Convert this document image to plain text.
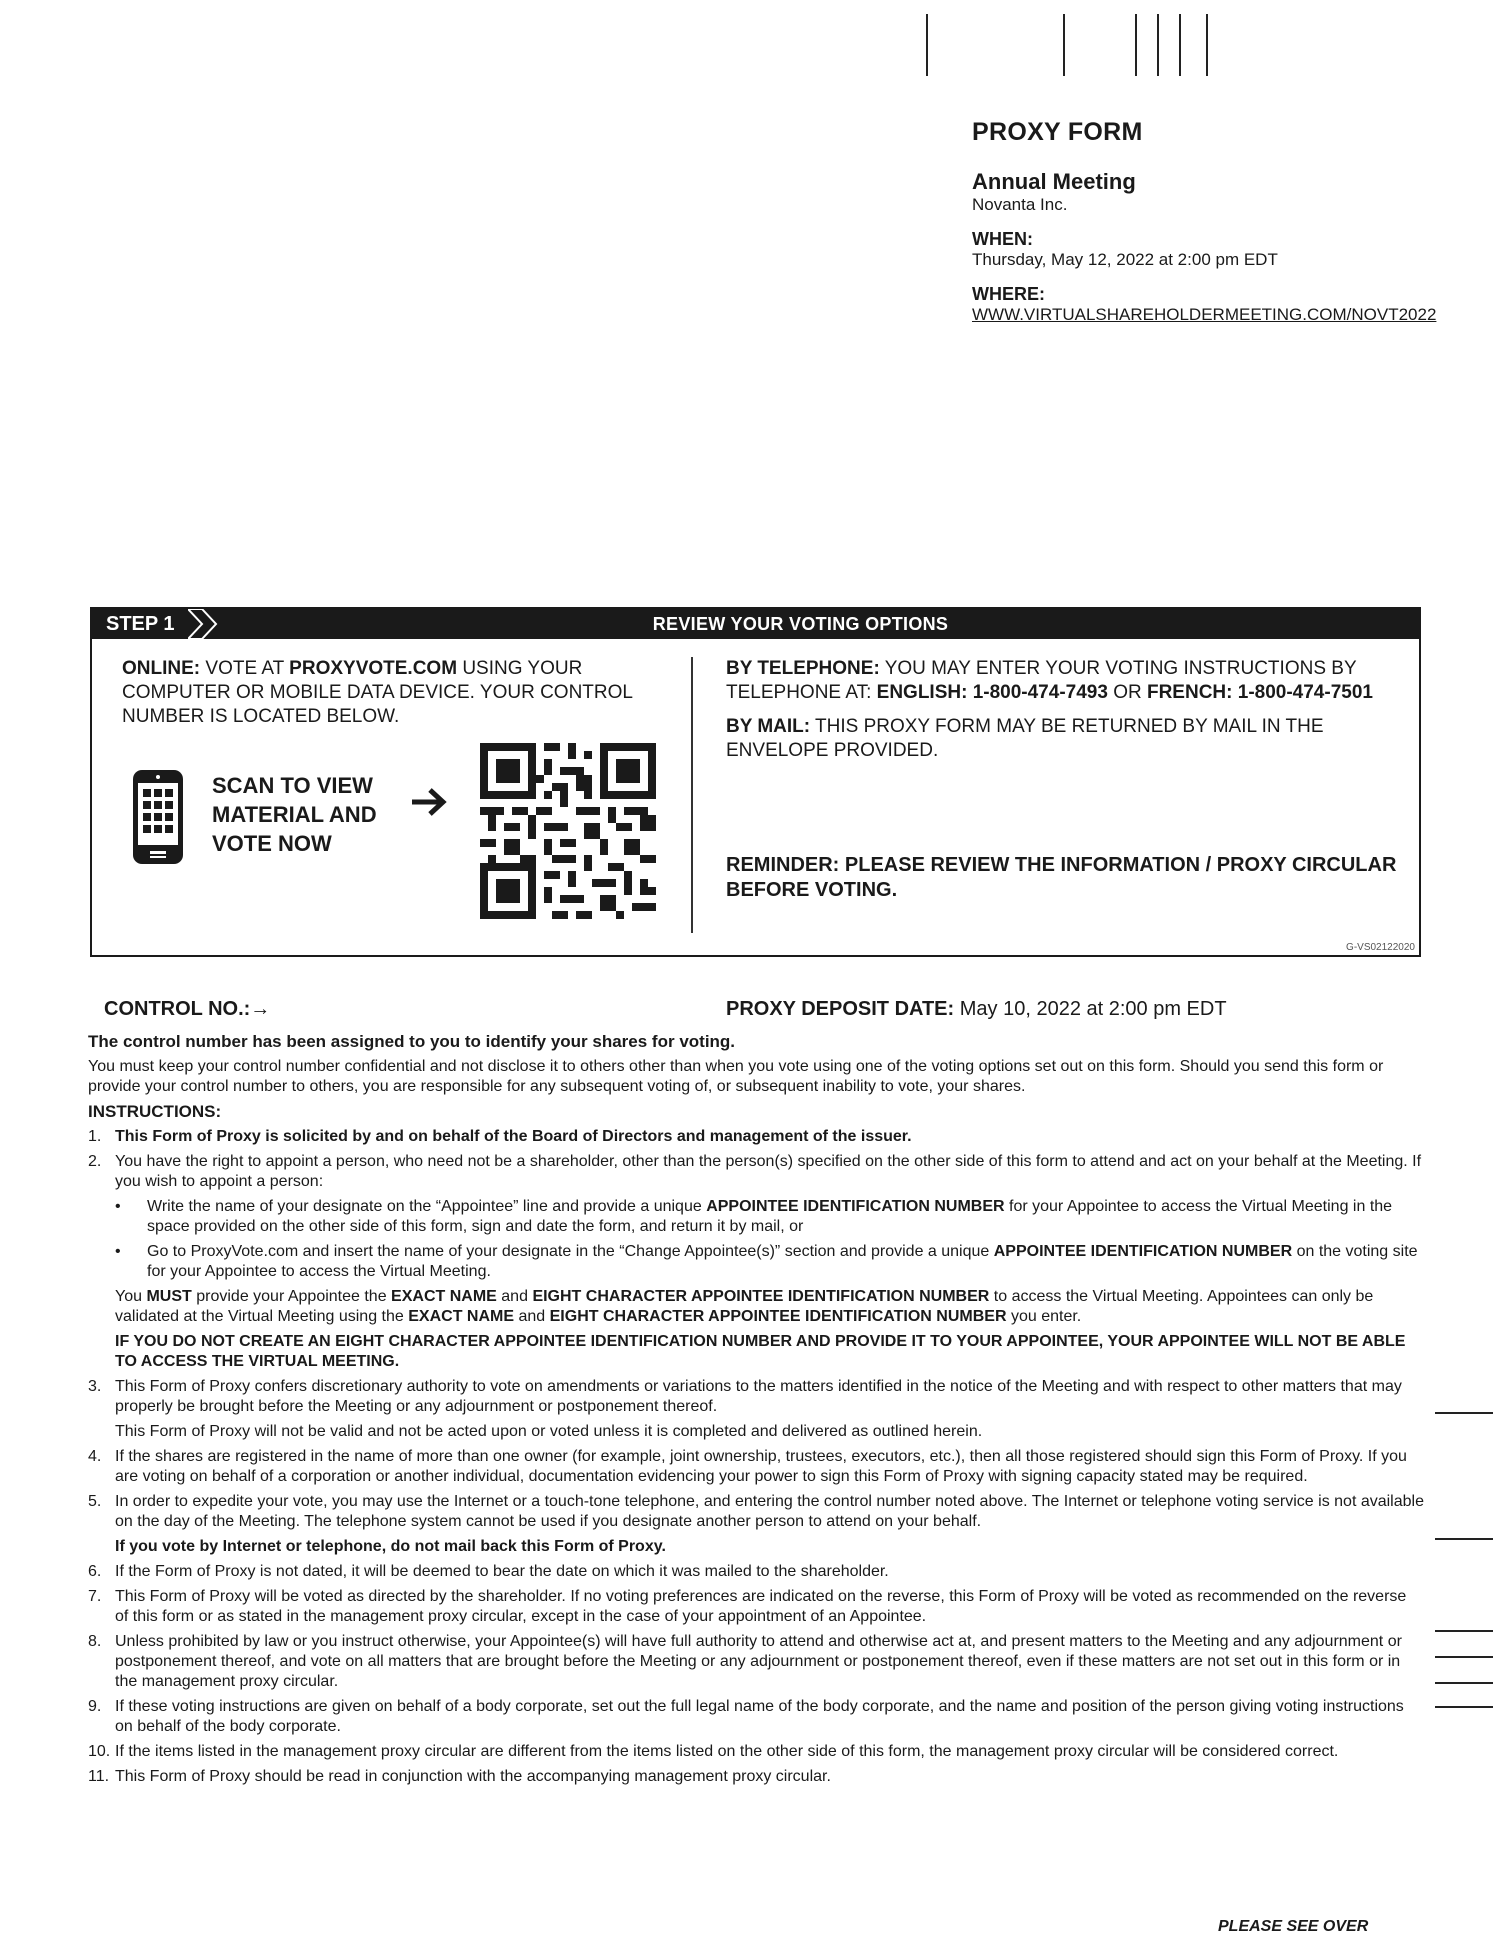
PROXY FORM
Annual Meeting
Novanta Inc.
WHEN:
Thursday, May 12, 2022 at 2:00 pm EDT
WHERE:
WWW.VIRTUALSHAREHOLDERMEETING.COM/NOVT2022
REVIEW YOUR VOTING OPTIONS
STEP 1
ONLINE: VOTE AT PROXYVOTE.COM USING YOUR COMPUTER OR MOBILE DATA DEVICE. YOUR CONTROL NUMBER IS LOCATED BELOW.
SCAN TO VIEW
MATERIAL AND
VOTE NOW
BY TELEPHONE: YOU MAY ENTER YOUR VOTING INSTRUCTIONS BY TELEPHONE AT: ENGLISH: 1-800-474-7493 OR FRENCH: 1-800-474-7501
BY MAIL: THIS PROXY FORM MAY BE RETURNED BY MAIL IN THE ENVELOPE PROVIDED.
REMINDER: PLEASE REVIEW THE INFORMATION / PROXY CIRCULAR BEFORE VOTING.
G-VS02122020
CONTROL NO.:→	PROXY DEPOSIT DATE: May 10, 2022 at 2:00 pm EDT

The control number has been assigned to you to identify your shares for voting.

You must keep your control number confidential and not disclose it to others other than when you vote using one of the voting options set out on this form. Should you send this form or provide your control number to others, you are responsible for any subsequent voting of, or subsequent inability to vote, your shares.

INSTRUCTIONS:

1. This Form of Proxy is solicited by and on behalf of the Board of Directors and management of the issuer.
2. You have the right to appoint a person, who need not be a shareholder, other than the person(s) specified on the other side of this form to attend and act on your behalf at the Meeting. If you wish to appoint a person:
• Write the name of your designate on the “Appointee” line and provide a unique APPOINTEE IDENTIFICATION NUMBER for your Appointee to access the Virtual Meeting in the space provided on the other side of this form, sign and date the form, and return it by mail, or
• Go to ProxyVote.com and insert the name of your designate in the “Change Appointee(s)” section and provide a unique APPOINTEE IDENTIFICATION NUMBER on the voting site for your Appointee to access the Virtual Meeting.
You MUST provide your Appointee the EXACT NAME and EIGHT CHARACTER APPOINTEE IDENTIFICATION NUMBER to access the Virtual Meeting. Appointees can only be validated at the Virtual Meeting using the EXACT NAME and EIGHT CHARACTER APPOINTEE IDENTIFICATION NUMBER you enter.
IF YOU DO NOT CREATE AN EIGHT CHARACTER APPOINTEE IDENTIFICATION NUMBER AND PROVIDE IT TO YOUR APPOINTEE, YOUR APPOINTEE WILL NOT BE ABLE TO ACCESS THE VIRTUAL MEETING.
3. This Form of Proxy confers discretionary authority to vote on amendments or variations to the matters identified in the notice of the Meeting and with respect to other matters that may properly be brought before the Meeting or any adjournment or postponement thereof.
This Form of Proxy will not be valid and not be acted upon or voted unless it is completed and delivered as outlined herein.
4. If the shares are registered in the name of more than one owner (for example, joint ownership, trustees, executors, etc.), then all those registered should sign this Form of Proxy. If you are voting on behalf of a corporation or another individual, documentation evidencing your power to sign this Form of Proxy with signing capacity stated may be required.
5. In order to expedite your vote, you may use the Internet or a touch-tone telephone, and entering the control number noted above. The Internet or telephone voting service is not available on the day of the Meeting. The telephone system cannot be used if you designate another person to attend on your behalf.
If you vote by Internet or telephone, do not mail back this Form of Proxy.
6. If the Form of Proxy is not dated, it will be deemed to bear the date on which it was mailed to the shareholder.
7. This Form of Proxy will be voted as directed by the shareholder. If no voting preferences are indicated on the reverse, this Form of Proxy will be voted as recommended on the reverse of this form or as stated in the management proxy circular, except in the case of your appointment of an Appointee.
8. Unless prohibited by law or you instruct otherwise, your Appointee(s) will have full authority to attend and otherwise act at, and present matters to the Meeting and any adjournment or postponement thereof, and vote on all matters that are brought before the Meeting or any adjournment or postponement thereof, even if these matters are not set out in this form or in the management proxy circular.
9. If these voting instructions are given on behalf of a body corporate, set out the full legal name of the body corporate, and the name and position of the person giving voting instructions on behalf of the body corporate.
10. If the items listed in the management proxy circular are different from the items listed on the other side of this form, the management proxy circular will be considered correct.
11. This Form of Proxy should be read in conjunction with the accompanying management proxy circular.
PLEASE SEE OVER
